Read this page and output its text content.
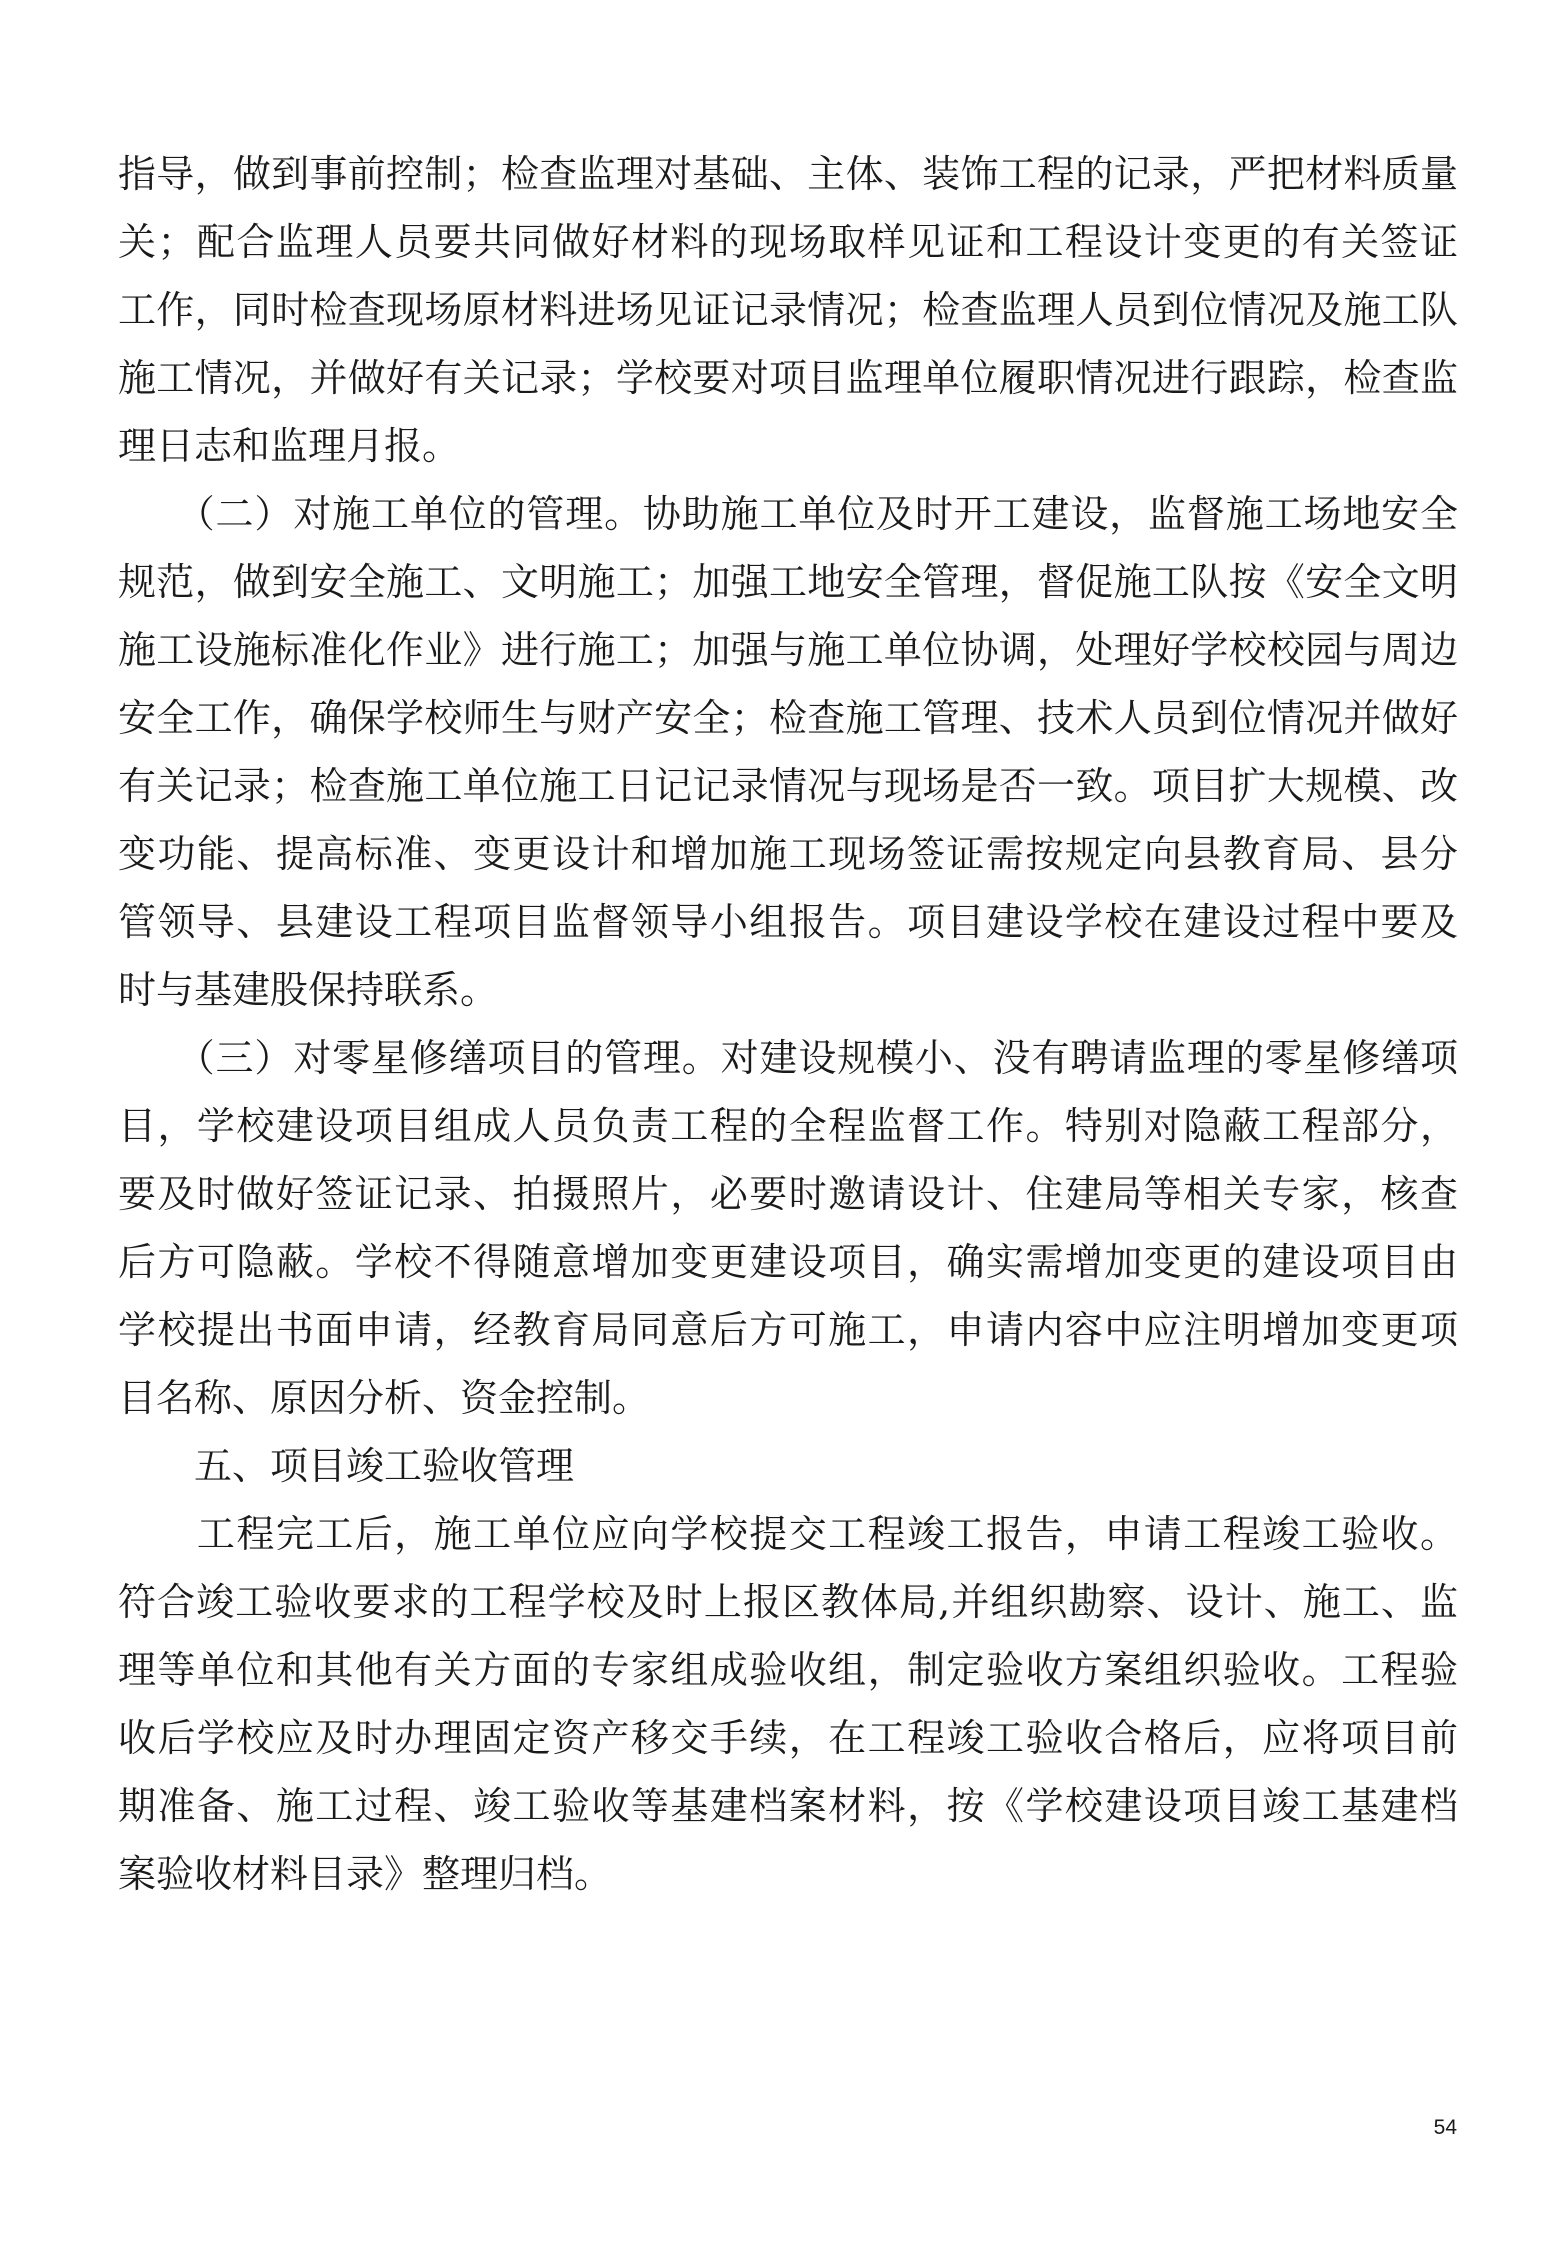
指导，做到事前控制；检查监理对基础、主体、装饰工程的记录，严把材料质量
关；配合监理人员要共同做好材料的现场取样见证和工程设计变更的有关签证
工作，同时检查现场原材料进场见证记录情况；检查监理人员到位情况及施工队
施工情况，并做好有关记录；学校要对项目监理单位履职情况进行跟踪，检查监
理日志和监理月报。
　　（二）对施工单位的管理。协助施工单位及时开工建设，监督施工场地安全
规范，做到安全施工、文明施工；加强工地安全管理，督促施工队按《安全文明
施工设施标准化作业》进行施工；加强与施工单位协调，处理好学校校园与周边
安全工作，确保学校师生与财产安全；检查施工管理、技术人员到位情况并做好
有关记录；检查施工单位施工日记记录情况与现场是否一致。项目扩大规模、改
变功能、提高标准、变更设计和增加施工现场签证需按规定向县教育局、县分
管领导、县建设工程项目监督领导小组报告。项目建设学校在建设过程中要及
时与基建股保持联系。
　　（三）对零星修缮项目的管理。对建设规模小、没有聘请监理的零星修缮项
目，学校建设项目组成人员负责工程的全程监督工作。特别对隐蔽工程部分，
要及时做好签证记录、拍摄照片，必要时邀请设计、住建局等相关专家，核查
后方可隐蔽。学校不得随意增加变更建设项目，确实需增加变更的建设项目由
学校提出书面申请，经教育局同意后方可施工，申请内容中应注明增加变更项
目名称、原因分析、资金控制。
　　五、项目竣工验收管理
　　工程完工后，施工单位应向学校提交工程竣工报告，申请工程竣工验收。
符合竣工验收要求的工程学校及时上报区教体局,并组织勘察、设计、施工、监
理等单位和其他有关方面的专家组成验收组，制定验收方案组织验收。工程验
收后学校应及时办理固定资产移交手续，在工程竣工验收合格后，应将项目前
期准备、施工过程、竣工验收等基建档案材料，按《学校建设项目竣工基建档
案验收材料目录》整理归档。
54
